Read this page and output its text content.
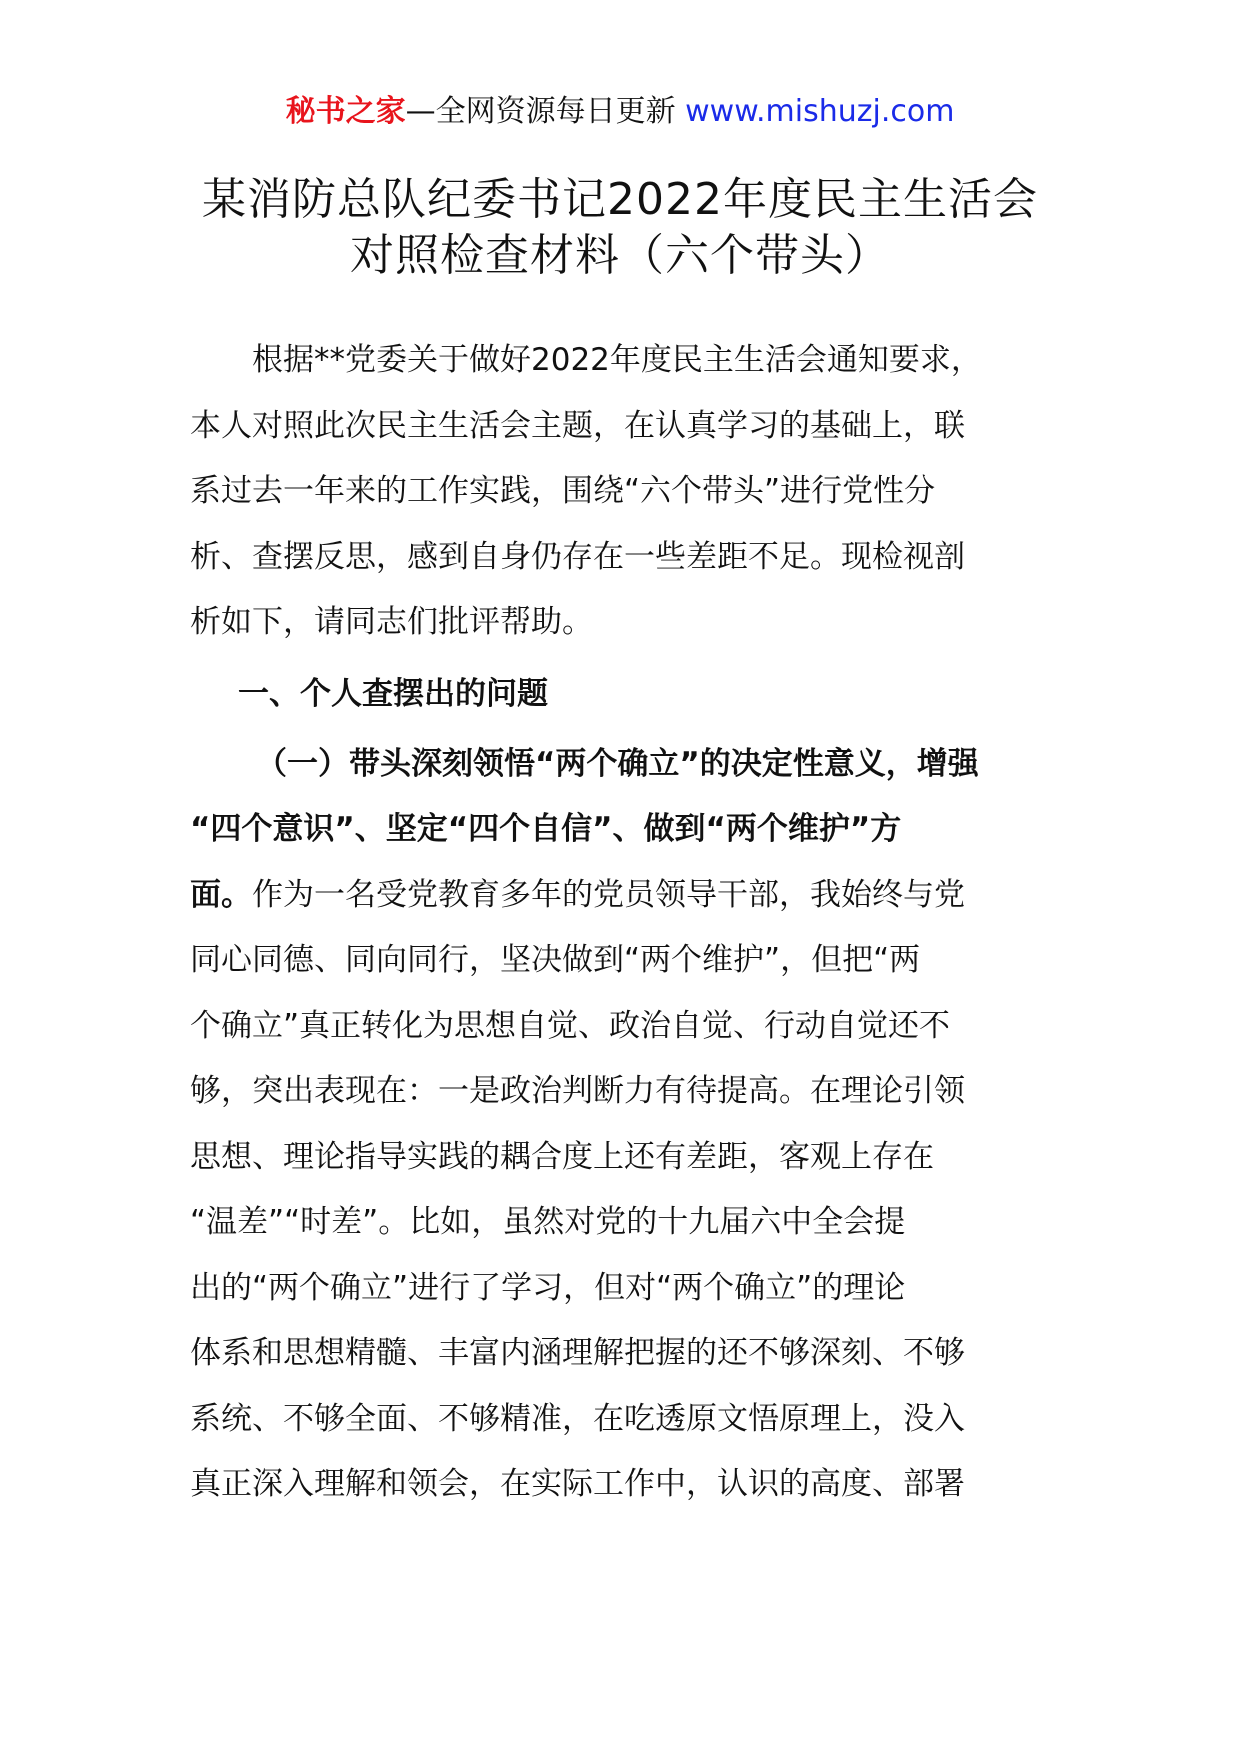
秘书之家—全网资源每日更新 www.mishuzj.com
某消防总队纪委书记2022年度民主生活会
对照检查材料（六个带头）
根据**党委关于做好2022年度民主生活会通知要求，
本人对照此次民主生活会主题，在认真学习的基础上，联
系过去一年来的工作实践，围绕“六个带头”进行党性分
析、查摆反思，感到自身仍存在一些差距不足。现检视剖
析如下，请同志们批评帮助。
一、个人查摆出的问题
（一）带头深刻领悟“两个确立”的决定性意义，增强
“四个意识”、坚定“四个自信”、做到“两个维护”方
面。作为一名受党教育多年的党员领导干部，我始终与党
同心同德、同向同行，坚决做到“两个维护”，但把“两
个确立”真正转化为思想自觉、政治自觉、行动自觉还不
够，突出表现在：一是政治判断力有待提高。在理论引领
思想、理论指导实践的耦合度上还有差距，客观上存在
“温差”“时差”。比如，虽然对党的十九届六中全会提
出的“两个确立”进行了学习，但对“两个确立”的理论
体系和思想精髓、丰富内涵理解把握的还不够深刻、不够
系统、不够全面、不够精准，在吃透原文悟原理上，没入
真正深入理解和领会，在实际工作中，认识的高度、部署
